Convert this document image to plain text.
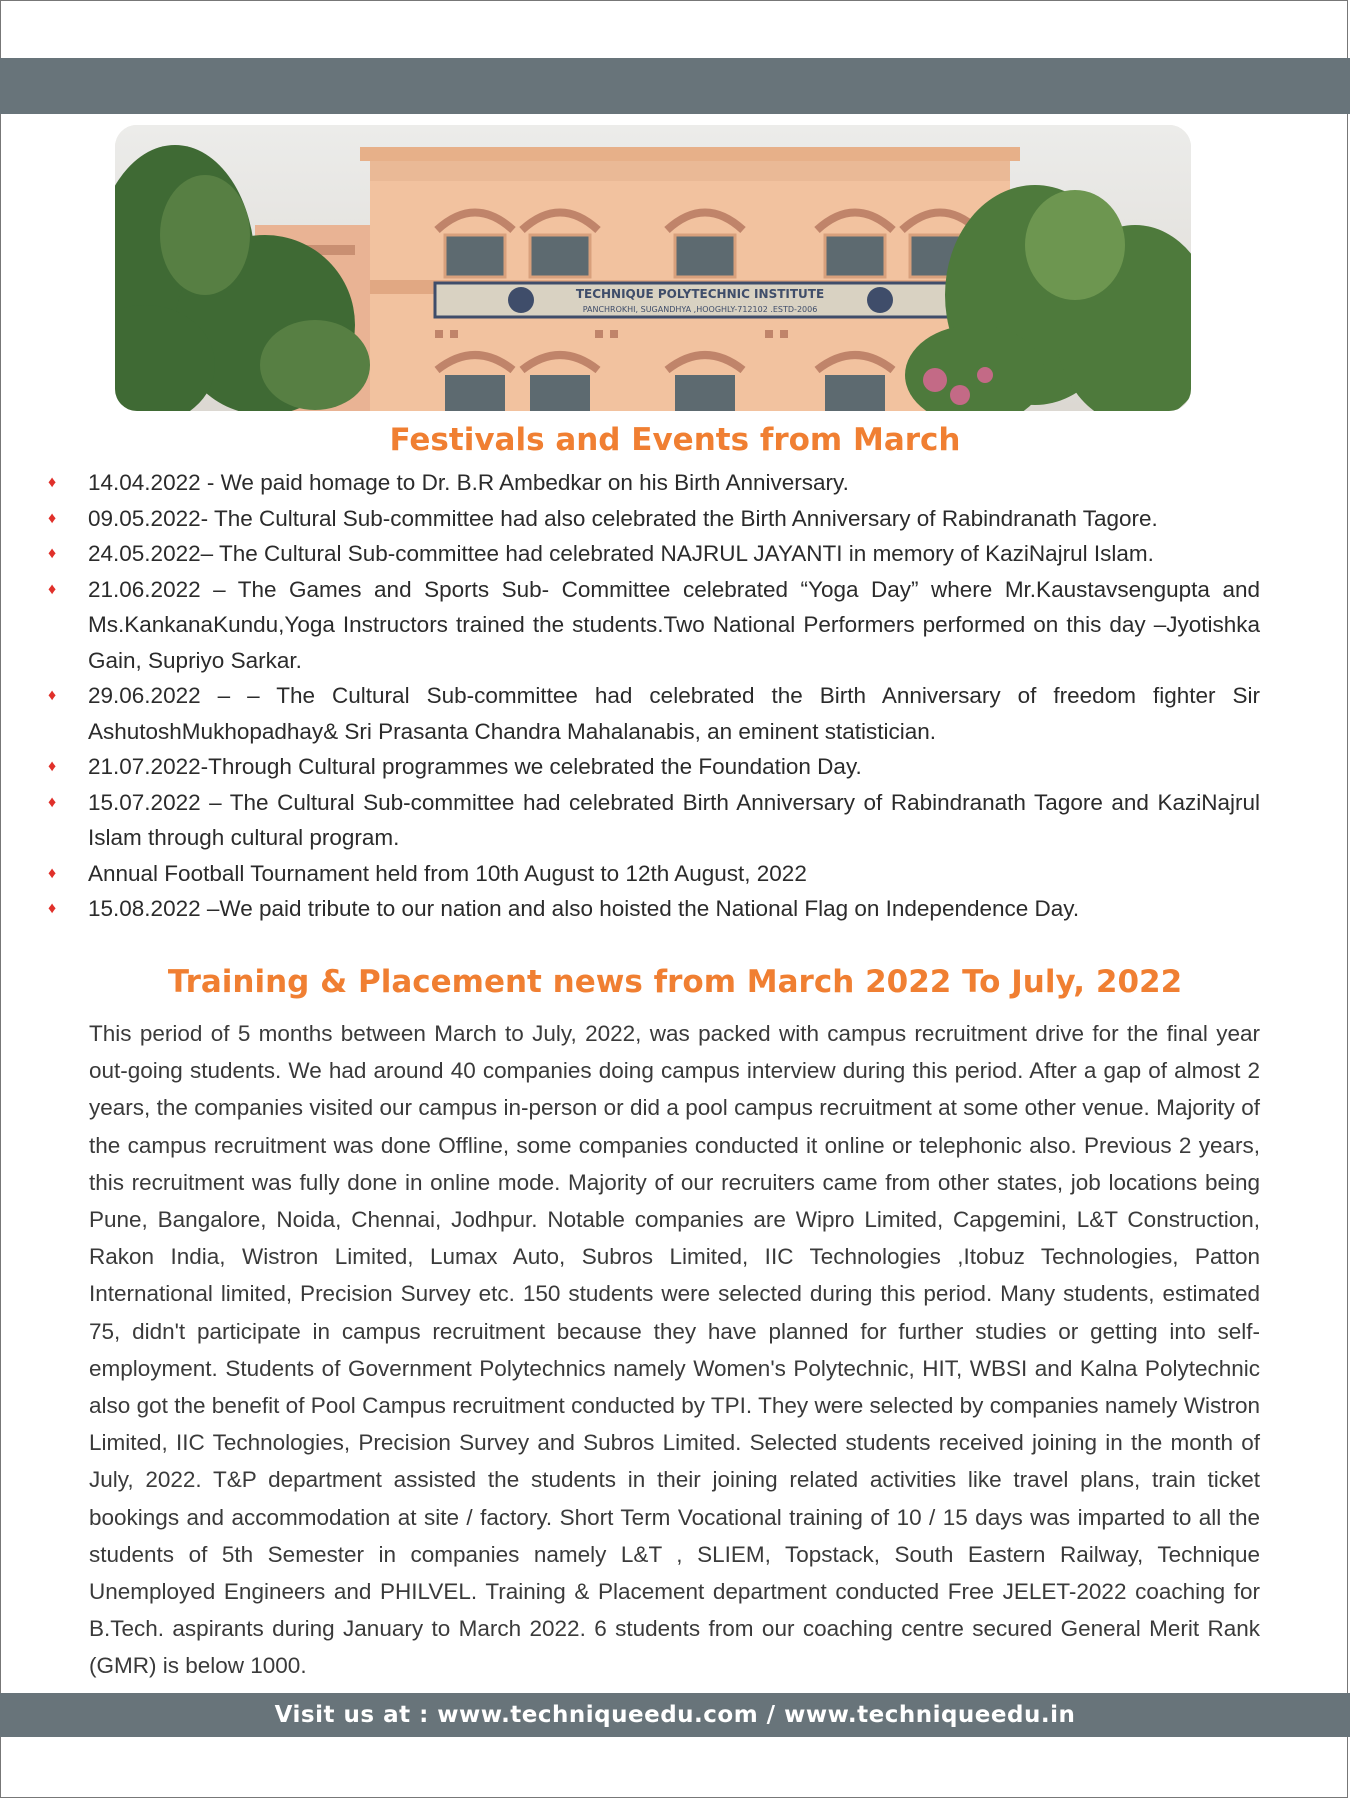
TECHNIQUE POLYTECHNIC INSTITUTE
PANCHROKHI, SUGANDHYA ,HOOGHLY-712102 .ESTD-2006
Festivals and Events from March
♦	14.04.2022 - We paid homage to Dr. B.R Ambedkar on his Birth Anniversary.
♦	09.05.2022- The Cultural Sub-committee had also celebrated the Birth Anniversary of Rabindranath Tagore.
♦	24.05.2022– The Cultural Sub-committee had celebrated NAJRUL JAYANTI in memory of KaziNajrul Islam.
♦	21.06.2022 – The Games and Sports Sub- Committee celebrated “Yoga Day” where Mr.Kaustavsengupta and Ms.KankanaKundu,Yoga Instructors trained the students.Two National Performers performed on this day –Jyotishka Gain, Supriyo Sarkar.
♦	29.06.2022 – – The Cultural Sub-committee had celebrated the Birth Anniversary of freedom fighter Sir AshutoshMukhopadhay& Sri Prasanta Chandra Mahalanabis, an eminent statistician.
♦	21.07.2022-Through Cultural programmes we celebrated the Foundation Day.
♦	15.07.2022 – The Cultural Sub-committee had celebrated Birth Anniversary of Rabindranath Tagore and KaziNajrul Islam through cultural program.
♦	Annual Football Tournament held from 10th August to 12th August, 2022
♦	15.08.2022 –We paid tribute to our nation and also hoisted the National Flag on Independence Day.
Training & Placement news from March 2022 To July, 2022
This period of 5 months between March to July, 2022, was packed with campus recruitment drive for the final year out-going students. We had around 40 companies doing campus interview during this period. After a gap of almost 2 years, the companies visited our campus in-person or did a pool campus recruitment at some other venue. Majority of the campus recruitment was done Offline, some companies conducted it online or telephonic also. Previous 2 years, this recruitment was fully done in online mode. Majority of our recruiters came from other states, job locations being Pune, Bangalore, Noida, Chennai, Jodhpur. Notable companies are Wipro Limited, Capgemini, L&T Construction, Rakon India, Wistron Limited, Lumax Auto, Subros Limited, IIC Technologies ,Itobuz Technologies, Patton International limited, Precision Survey etc. 150 students were selected during this period. Many students, estimated 75, didn't participate in campus recruitment because they have planned for further studies or getting into self-employment. Students of Government Polytechnics namely Women's Polytechnic, HIT, WBSI and Kalna Polytechnic also got the benefit of Pool Campus recruitment conducted by TPI. They were selected by companies namely Wistron Limited, IIC Technologies, Precision Survey and Subros Limited. Selected students received joining in the month of July, 2022. T&P department assisted the students in their joining related activities like travel plans, train ticket bookings and accommodation at site / factory. Short Term Vocational training of 10 / 15 days was imparted to all the students of 5th Semester in companies namely L&T , SLIEM, Topstack, South Eastern Railway, Technique Unemployed Engineers and PHILVEL. Training & Placement department conducted Free JELET-2022 coaching for B.Tech. aspirants during January to March 2022. 6 students from our coaching centre secured General Merit Rank (GMR) is below 1000.
Visit us at : www.techniqueedu.com / www.techniqueedu.in
